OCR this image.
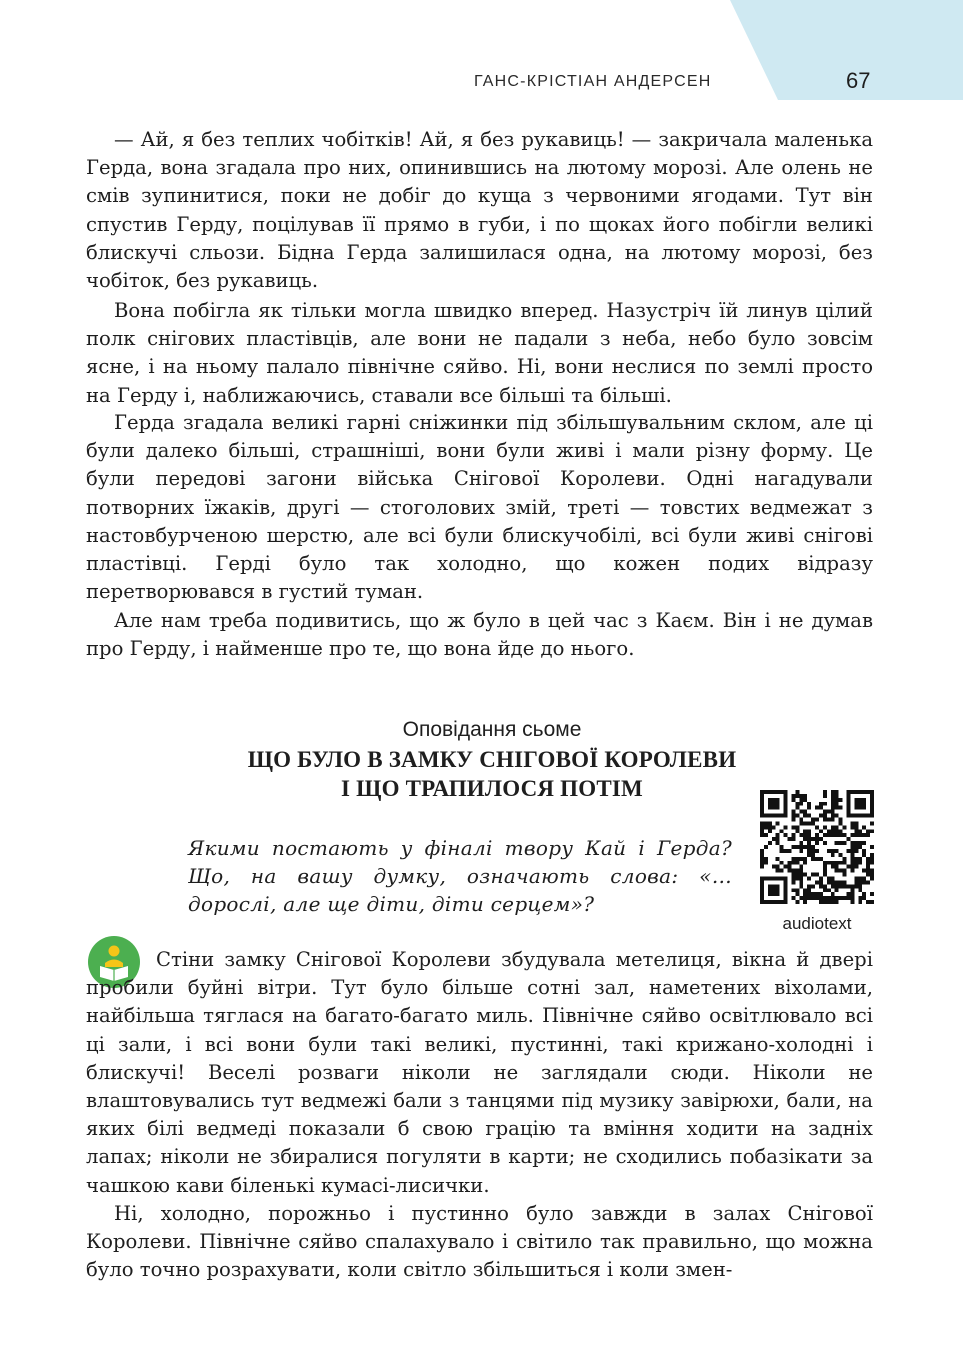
ГАНС-КРІСТІАН АНДЕРСЕН	67

— Ай, я без теплих чобітків! Ай, я без рукавиць! — закричала маленька Герда, вона згадала про них, опинившись на лютому морозі. Але олень не смів зупинитися, поки не добіг до куща з червоними ягодами. Тут він спустив Герду, поцілував її прямо в губи, і по щоках його побігли великі блискучі сльози. Бідна Герда залишилася одна, на лютому морозі, без чобіток, без рукавиць.

Вона побігла як тільки могла швидко вперед. Назустріч їй линув цілий полк снігових пластівців, але вони не падали з неба, небо було зовсім ясне, і на ньому палало північне сяйво. Ні, вони неслися по землі просто на Герду і, наближаючись, ставали все більші та більші.

Герда згадала великі гарні сніжинки під збільшувальним склом, але ці були далеко більші, страшніші, вони були живі і мали різну форму. Це були передові загони війська Снігової Королеви. Одні нагадували потворних їжаків, другі — стоголових змій, треті — товстих ведмежат з настовбурченою шерстю, але всі були блискучобілі, всі були живі снігові пластівці. Герді було так холодно, що кожен подих відразу перетворювався в густий туман.

Але нам треба подивитись, що ж було в цей час з Каєм. Він і не думав про Герду, і найменше про те, що вона йде до нього.

Оповідання сьоме
ЩО БУЛО В ЗАМКУ СНІГОВОЇ КОРОЛЕВИ
І ЩО ТРАПИЛОСЯ ПОТІМ

Якими постають у фіналі твору Кай і Герда? Що, на вашу думку, означають слова: «…дорослі, але ще діти, діти серцем»?

audiotext

Стіни замку Снігової Королеви збудувала метелиця, вікна й двері пробили буйні вітри. Тут було більше сотні зал, наметених віхолами, найбільша тяглася на багато-багато миль. Північне сяйво освітлювало всі ці зали, і всі вони були такі великі, пустинні, такі крижано-холодні і блискучі! Веселі розваги ніколи не заглядали сюди. Ніколи не влаштовувались тут ведмежі бали з танцями під музику завірюхи, бали, на яких білі ведмеді показали б свою грацію та вміння ходити на задніх лапах; ніколи не збиралися погуляти в карти; не сходились побазікати за чашкою кави біленькі кумасі-лисички.

Ні, холодно, порожньо і пустинно було завжди в залах Снігової Королеви. Північне сяйво спалахувало і світило так правильно, що можна було точно розрахувати, коли світло збільшиться і коли змен-
